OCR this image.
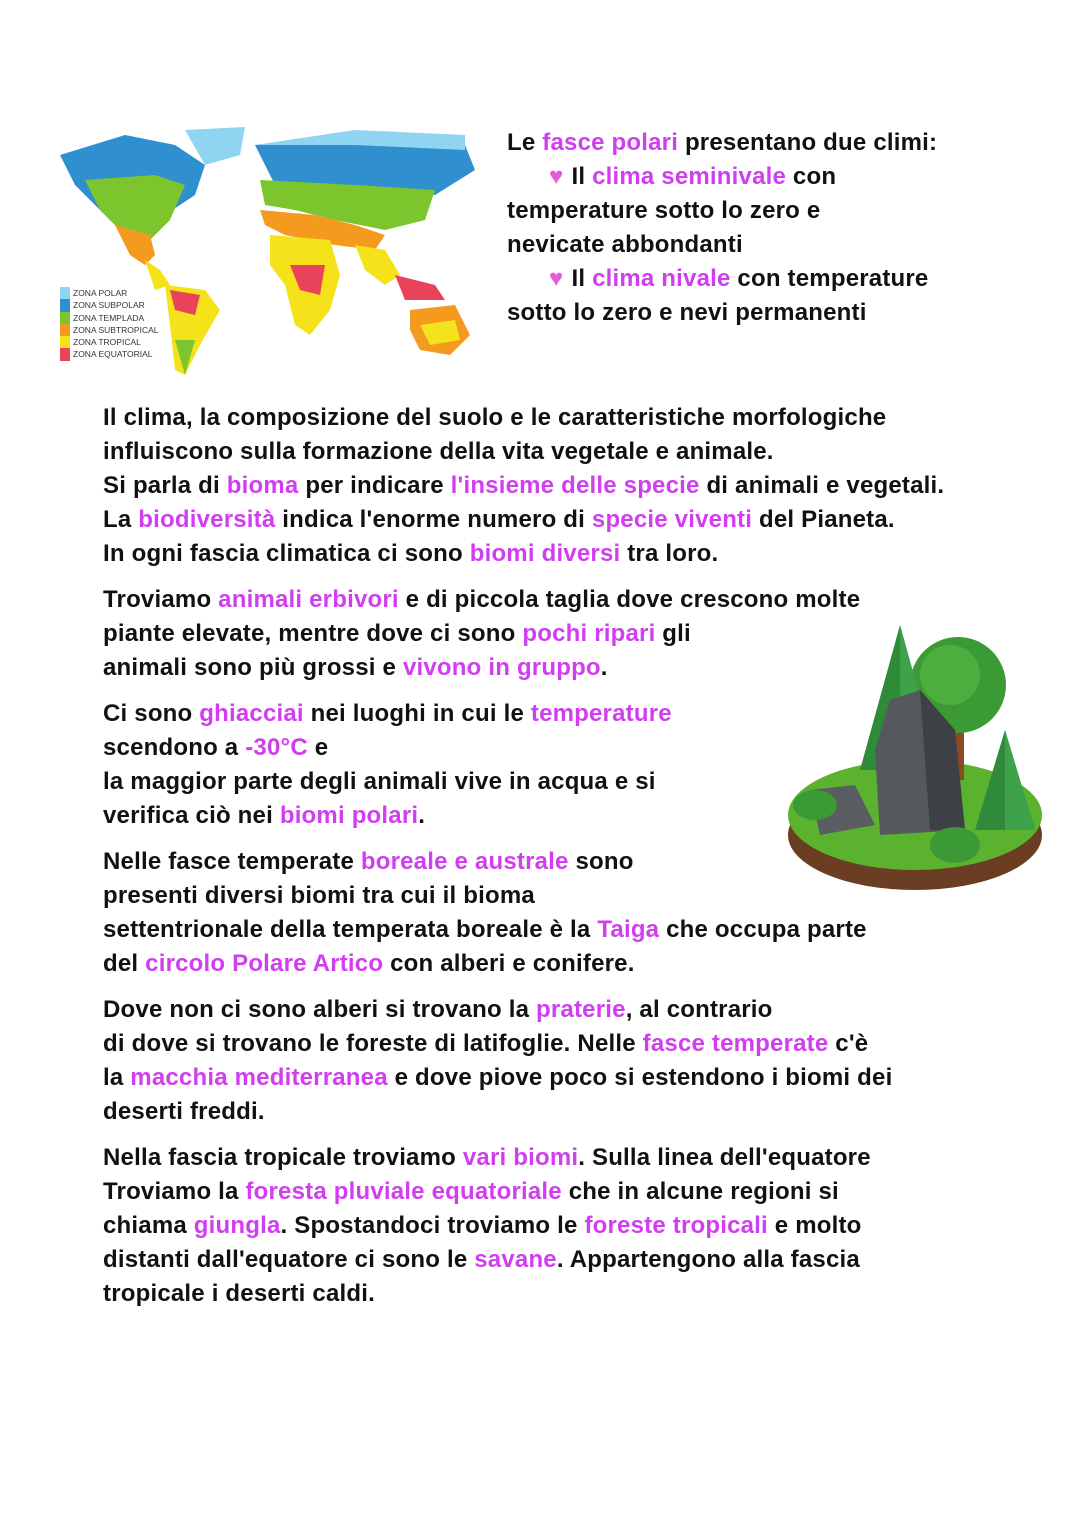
ZONA POLAR
ZONA SUBPOLAR
ZONA TEMPLADA
ZONA SUBTROPICAL
ZONA TROPICAL
ZONA EQUATORIAL
Le fasce polari presentano due climi:
♥ Il clima seminivale con
temperature sotto lo zero e
nevicate abbondanti
♥ Il clima nivale con temperature
sotto lo zero e nevi permanenti
Il clima, la composizione del suolo e le caratteristiche morfologiche
influiscono sulla formazione della vita vegetale e animale.
Si parla di bioma per indicare l'insieme delle specie di animali e vegetali.
La biodiversità indica l'enorme numero di specie viventi del Pianeta.
In ogni fascia climatica ci sono biomi diversi tra loro.
Troviamo animali erbivori e di piccola taglia dove crescono molte
piante elevate, mentre dove ci sono pochi ripari gli
animali sono più grossi e vivono in gruppo.
Ci sono ghiacciai nei luoghi in cui le temperature
scendono a -30°C e
la maggior parte degli animali vive in acqua e si
verifica ciò nei biomi polari.
Nelle fasce temperate boreale e australe sono
presenti diversi biomi tra cui il bioma
settentrionale della temperata boreale è la Taiga che occupa parte
del circolo Polare Artico con alberi e conifere.
Dove non ci sono alberi si trovano la praterie, al contrario
di dove si trovano le foreste di latifoglie. Nelle fasce temperate c'è
la macchia mediterranea e dove piove poco si estendono i biomi dei
deserti freddi.
Nella fascia tropicale troviamo vari biomi. Sulla linea dell'equatore
Troviamo la foresta pluviale equatoriale che in alcune regioni si
chiama giungla. Spostandoci troviamo le foreste tropicali e molto
distanti dall'equatore ci sono le savane. Appartengono alla fascia
tropicale i deserti caldi.
